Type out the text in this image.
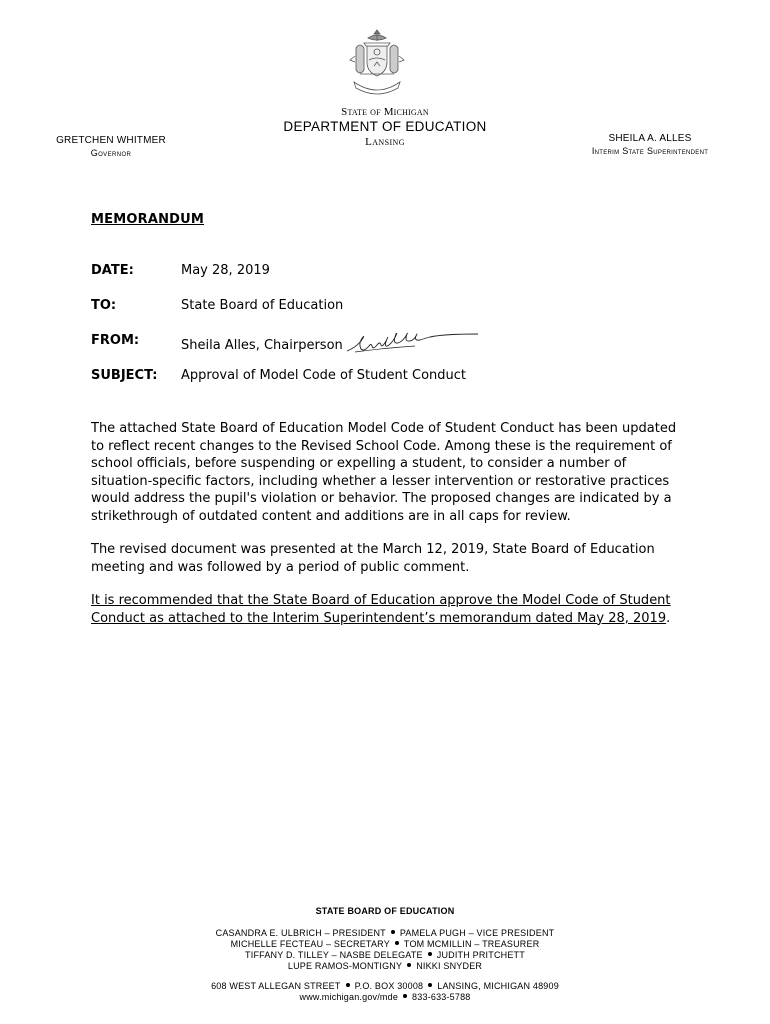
State of Michigan
DEPARTMENT OF EDUCATION
Lansing
GRETCHEN WHITMER
Governor
SHEILA A. ALLES
Interim State Superintendent
MEMORANDUM
DATE:	May 28, 2019
TO:	State Board of Education
FROM:	Sheila Alles, Chairperson
SUBJECT: Approval of Model Code of Student Conduct

The attached State Board of Education Model Code of Student Conduct has been updated to reflect recent changes to the Revised School Code. Among these is the requirement of school officials, before suspending or expelling a student, to consider a number of situation-specific factors, including whether a lesser intervention or restorative practices would address the pupil's violation or behavior. The proposed changes are indicated by a strikethrough of outdated content and additions are in all caps for review.

The revised document was presented at the March 12, 2019, State Board of Education meeting and was followed by a period of public comment.

It is recommended that the State Board of Education approve the Model Code of Student Conduct as attached to the Interim Superintendent’s memorandum dated May 28, 2019.

STATE BOARD OF EDUCATION
CASANDRA E. ULBRICH – PRESIDENT PAMELA PUGH – VICE PRESIDENT
MICHELLE FECTEAU – SECRETARY TOM MCMILLIN – TREASURER
TIFFANY D. TILLEY – NASBE DELEGATE JUDITH PRITCHETT
LUPE RAMOS-MONTIGNY NIKKI SNYDER
608 WEST ALLEGAN STREET P.O. BOX 30008 LANSING, MICHIGAN 48909
www.michigan.gov/mde 833-633-5788
